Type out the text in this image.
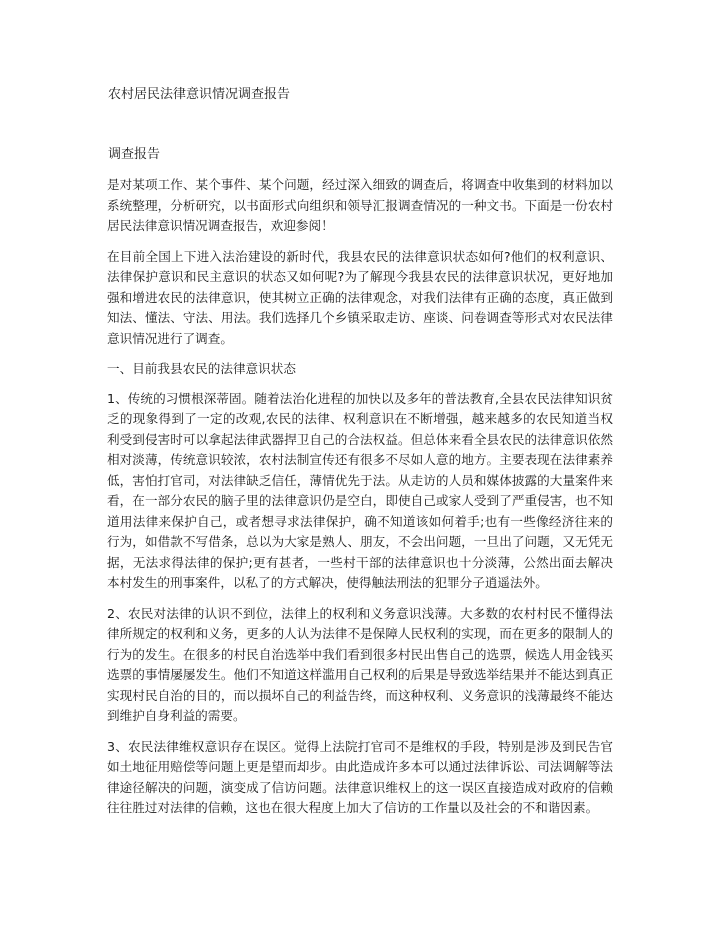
农村居民法律意识情况调查报告
调查报告

是对某项工作、某个事件、某个问题，经过深入细致的调查后，将调查中收集到的材料加以系统整理，分析研究，以书面形式向组织和领导汇报调查情况的一种文书。下面是一份农村居民法律意识情况调查报告，欢迎参阅！

在目前全国上下进入法治建设的新时代，我县农民的法律意识状态如何?他们的权利意识、法律保护意识和民主意识的状态又如何呢?为了解现今我县农民的法律意识状况，更好地加强和增进农民的法律意识，使其树立正确的法律观念，对我们法律有正确的态度，真正做到知法、懂法、守法、用法。我们选择几个乡镇采取走访、座谈、问卷调查等形式对农民法律意识情况进行了调查。

一、目前我县农民的法律意识状态

1、传统的习惯根深蒂固。随着法治化进程的加快以及多年的普法教育,全县农民法律知识贫乏的现象得到了一定的改观,农民的法律、权利意识在不断增强，越来越多的农民知道当权利受到侵害时可以拿起法律武器捍卫自己的合法权益。但总体来看全县农民的法律意识依然相对淡薄，传统意识较浓，农村法制宣传还有很多不尽如人意的地方。主要表现在法律素养低，害怕打官司，对法律缺乏信任，薄情优先于法。从走访的人员和媒体披露的大量案件来看，在一部分农民的脑子里的法律意识仍是空白，即使自己或家人受到了严重侵害，也不知道用法律来保护自己，或者想寻求法律保护，确不知道该如何着手;也有一些像经济往来的行为，如借款不写借条，总以为大家是熟人、朋友，不会出问题，一旦出了问题，又无凭无据，无法求得法律的保护;更有甚者，一些村干部的法律意识也十分淡薄，公然出面去解决本村发生的刑事案件，以私了的方式解决，使得触法刑法的犯罪分子逍遥法外。

2、农民对法律的认识不到位，法律上的权利和义务意识浅薄。大多数的农村村民不懂得法律所规定的权利和义务，更多的人认为法律不是保障人民权利的实现，而在更多的限制人的行为的发生。在很多的村民自治选举中我们看到很多村民出售自己的选票，候选人用金钱买选票的事情屡屡发生。他们不知道这样滥用自己权利的后果是导致选举结果并不能达到真正实现村民自治的目的，而以损坏自己的利益告终，而这种权利、义务意识的浅薄最终不能达到维护自身利益的需要。

3、农民法律维权意识存在误区。觉得上法院打官司不是维权的手段，特别是涉及到民告官如土地征用赔偿等问题上更是望而却步。由此造成许多本可以通过法律诉讼、司法调解等法律途径解决的问题，演变成了信访问题。法律意识维权上的这一误区直接造成对政府的信赖往往胜过对法律的信赖，这也在很大程度上加大了信访的工作量以及社会的不和谐因素。
